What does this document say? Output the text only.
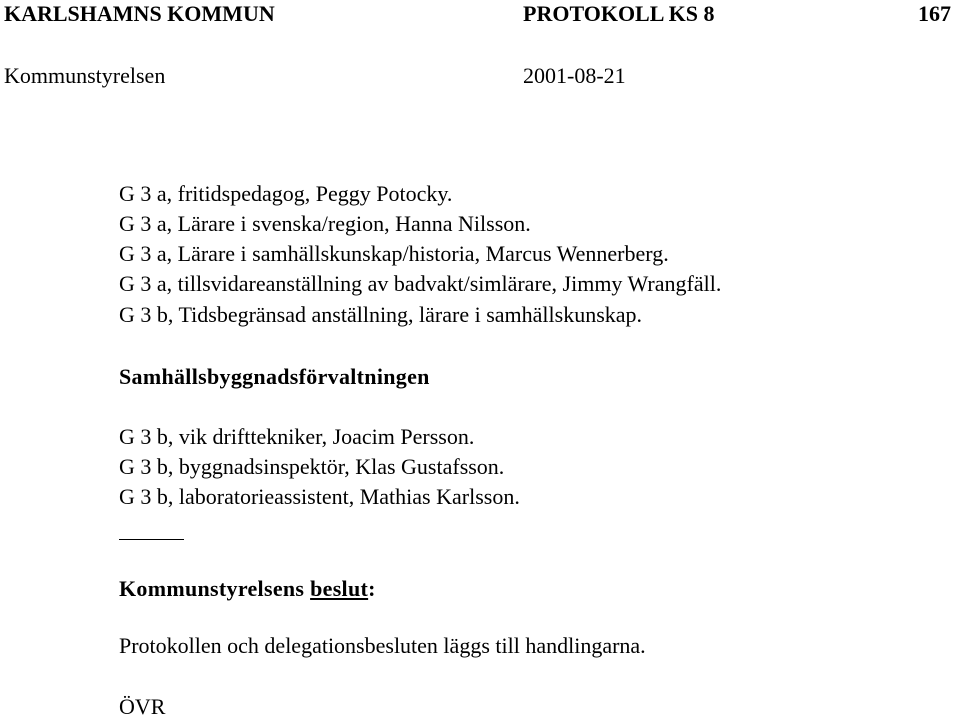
KARLSHAMNS KOMMUN	PROTOKOLL KS 8	167
Kommunstyrelsen	2001-08-21
G 3 a, fritidspedagog, Peggy Potocky.
G 3 a, Lärare i svenska/region, Hanna Nilsson.
G 3 a, Lärare i samhällskunskap/historia, Marcus Wennerberg.
G 3 a, tillsvidareanställning av badvakt/simlärare, Jimmy Wrangfäll.
G 3 b, Tidsbegränsad anställning, lärare i samhällskunskap.
Samhällsbyggnadsförvaltningen
G 3 b, vik drifttekniker, Joacim Persson.
G 3 b, byggnadsinspektör, Klas Gustafsson.
G 3 b, laboratorieassistent, Mathias Karlsson.
Kommunstyrelsens beslut:
Protokollen och delegationsbesluten läggs till handlingarna.
ÖVR
